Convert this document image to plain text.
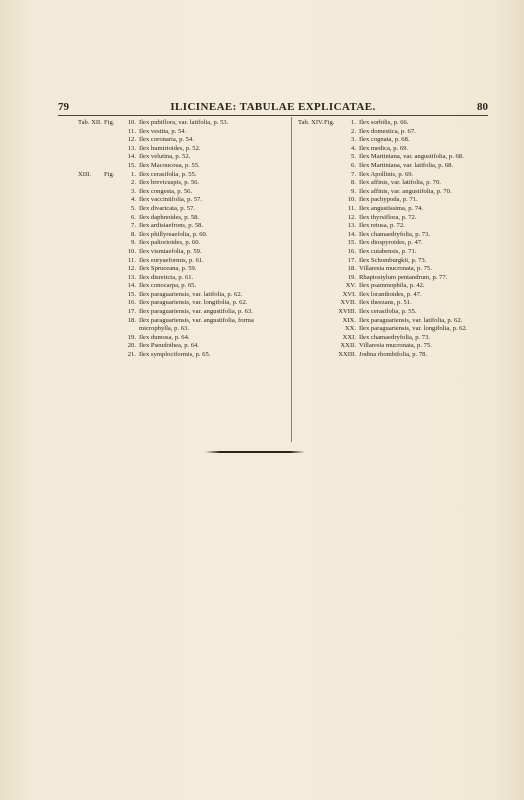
79	ILICINEAE: TABULAE EXPLICATAE.	80
Tab. XII. Fig.	10. Ilex pubiflora, var. latifolia, p. 53.
11. Ilex vestita, p. 54.
12. Ilex coronaria, p. 54.
13. Ilex humirioides, p. 52.
14. Ilex velutina, p. 52.
15. Ilex Macoucoua, p. 55.
XIII. Fig.	1. Ilex cerasifolia, p. 55.
2. Ilex brevicuspis, p. 56.
3. Ilex congesta, p. 56.
4. Ilex vacciniifolia, p. 57.
5. Ilex divaricata, p. 57.
6. Ilex daphnoides, p. 58.
7. Ilex ardisiaefrons, p. 58.
8. Ilex phillyreaefolia, p. 60.
9. Ilex paltorioides, p. 60.
10. Ilex vismiaefolia, p. 59.
11. Ilex euryaeformis, p. 61.
12. Ilex Spruceana, p. 59.
13. Ilex disreticta, p. 61.
14. Ilex conocarpa, p. 65.
15. Ilex paraguariensis, var. latifolia, p. 62.
16. Ilex paraguariensis, var. longifolia, p. 62.
17. Ilex paraguariensis, var. angustifolia, p. 63.
18. Ilex paraguariensis, var. angustifolia, forma
microphylla, p. 63.
19. Ilex dumosa, p. 64.
20. Ilex Pseudothea, p. 64.
21. Ilex symplociformis, p. 65.
Tab. XIV. Fig.	1. Ilex sorbilis, p. 66.
2. Ilex domestica, p. 67.
3. Ilex cognata, p. 68.
4. Ilex medica, p. 69.
5. Ilex Martiniana, var. angustifolia, p. 68.
6. Ilex Martiniana, var. latifolia, p. 68.
7. Ilex Apollinis, p. 69.
8. Ilex affinis, var. latifolia, p. 70.
9. Ilex affinis, var. angustifolia, p. 70.
10. Ilex pachypoda, p. 71.
11. Ilex angustissima, p. 74.
12. Ilex thyrsiflora, p. 72.
13. Ilex retusa, p. 72.
14. Ilex chamaedryfolia, p. 73.
15. Ilex diospyroides, p. 47.
16. Ilex cuiabensis, p. 71.
17. Ilex Schomburgkii, p. 73.
18. Villaresia mucronata, p. 75.
19. Rhaptostylum pentandrum, p. 77.
XV. Ilex psammophila, p. 42.
XVI. Ilex loranthoides, p. 47.
XVII. Ilex theezans, p. 51.
XVIII. Ilex cerasifolia, p. 55.
XIX. Ilex paraguariensis, var. latifolia, p. 62.
XX. Ilex paraguariensis, var. longifolia, p. 62.
XXI. Ilex chamaedryfolia, p. 73.
XXII. Villaresia mucronata, p. 75.
XXIII. Jodina rhombifolia, p. 78.
